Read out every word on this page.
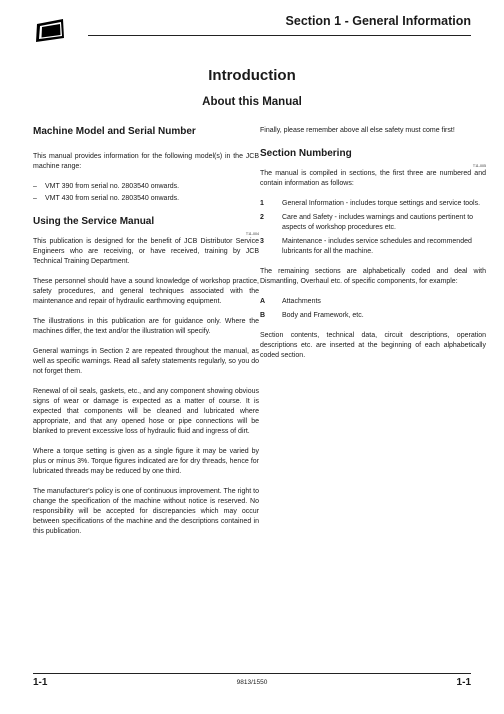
Section 1 - General Information
Introduction
About this Manual
Machine Model and Serial Number

This manual provides information for the following model(s) in the JCB machine range:

– VMT 390 from serial no. 2803540 onwards.
– VMT 430 from serial no. 2803540 onwards.
Using the Service Manual
T11-004

This publication is designed for the benefit of JCB Distributor Service Engineers who are receiving, or have received, training by JCB Technical Training Department.

These personnel should have a sound knowledge of workshop practice, safety procedures, and general techniques associated with the maintenance and repair of hydraulic earthmoving equipment.

The illustrations in this publication are for guidance only. Where the machines differ, the text and/or the illustration will specify.

General warnings in Section 2 are repeated throughout the manual, as well as specific warnings. Read all safety statements regularly, so you do not forget them.

Renewal of oil seals, gaskets, etc., and any component showing obvious signs of wear or damage is expected as a matter of course. It is expected that components will be cleaned and lubricated where appropriate, and that any opened hose or pipe connections will be blanked to prevent excessive loss of hydraulic fluid and ingress of dirt.

Where a torque setting is given as a single figure it may be varied by plus or minus 3%. Torque figures indicated are for dry threads, hence for lubricated threads may be reduced by one third.

The manufacturer's policy is one of continuous improvement. The right to change the specification of the machine without notice is reserved. No responsibility will be accepted for discrepancies which may occur between specifications of the machine and the descriptions contained in this publication.

Finally, please remember above all else safety must come first!

Section Numbering
T11-005

The manual is compiled in sections, the first three are numbered and contain information as follows:

1	General Information - includes torque settings and service tools.
2	Care and Safety - includes warnings and cautions pertinent to aspects of workshop procedures etc.
3	Maintenance - includes service schedules and recommended lubricants for all the machine.

The remaining sections are alphabetically coded and deal with Dismantling, Overhaul etc. of specific components, for example:

A	Attachments
B	Body and Framework, etc.

Section contents, technical data, circuit descriptions, operation descriptions etc. are inserted at the beginning of each alphabetically coded section.

1-1	9813/1550	1-1
